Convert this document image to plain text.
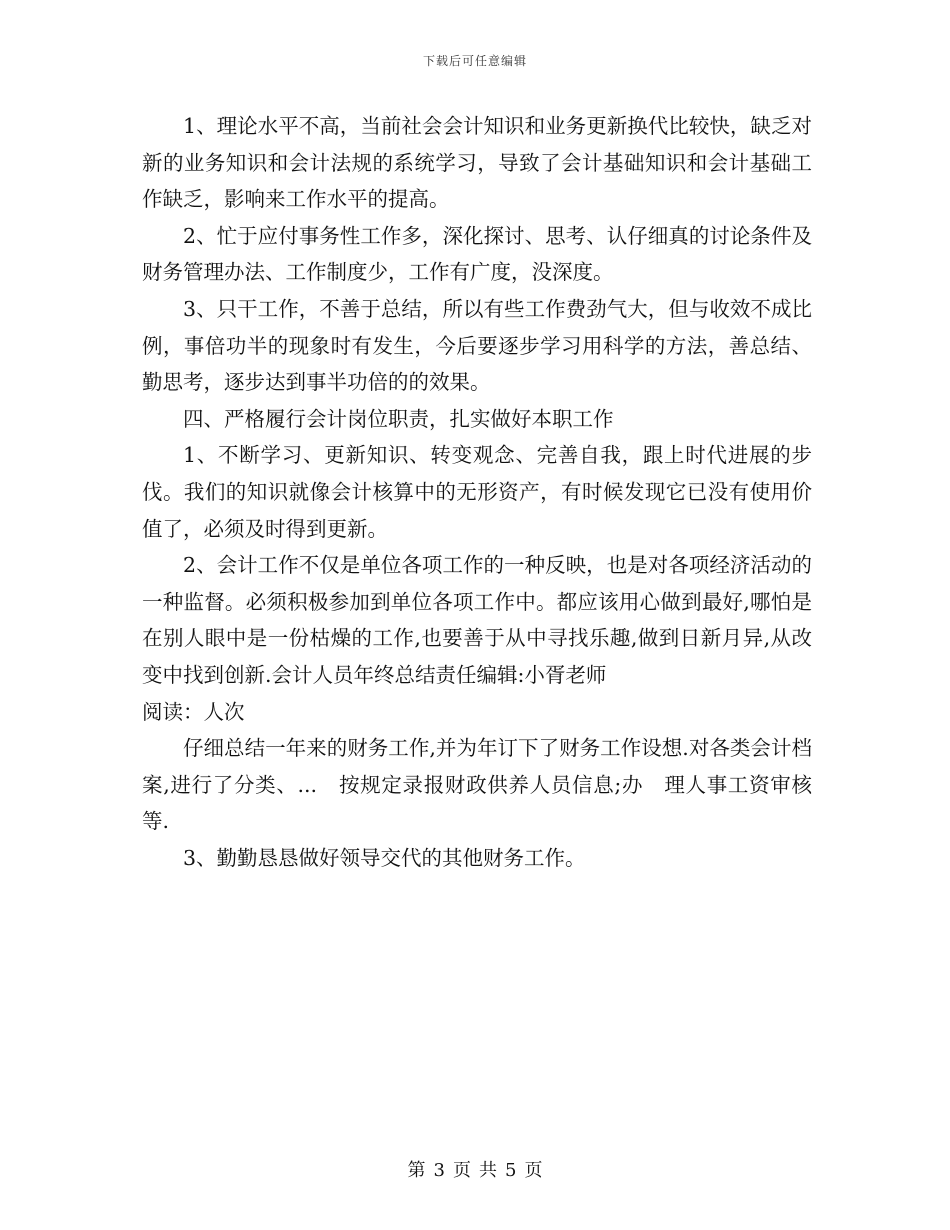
下载后可任意编辑

1、理论水平不高，当前社会会计知识和业务更新换代比较快，缺乏对新的业务知识和会计法规的系统学习，导致了会计基础知识和会计基础工作缺乏，影响来工作水平的提高。

2、忙于应付事务性工作多，深化探讨、思考、认仔细真的讨论条件及财务管理办法、工作制度少，工作有广度，没深度。

3、只干工作，不善于总结，所以有些工作费劲气大，但与收效不成比例，事倍功半的现象时有发生，今后要逐步学习用科学的方法，善总结、勤思考，逐步达到事半功倍的的效果。

四、严格履行会计岗位职责，扎实做好本职工作

1、不断学习、更新知识、转变观念、完善自我，跟上时代进展的步伐。我们的知识就像会计核算中的无形资产，有时候发现它已没有使用价值了，必须及时得到更新。

2、会计工作不仅是单位各项工作的一种反映，也是对各项经济活动的一种监督。必须积极参加到单位各项工作中。都应该用心做到最好,哪怕是在别人眼中是一份枯燥的工作,也要善于从中寻找乐趣,做到日新月异,从改变中找到创新.会计人员年终总结责任编辑:小胥老师

阅读：人次

仔细总结一年来的财务工作,并为年订下了财务工作设想.对各类会计档案,进行了分类、...　按规定录报财政供养人员信息;办　理人事工资审核等.

3、勤勤恳恳做好领导交代的其他财务工作。

第 3 页 共 5 页
